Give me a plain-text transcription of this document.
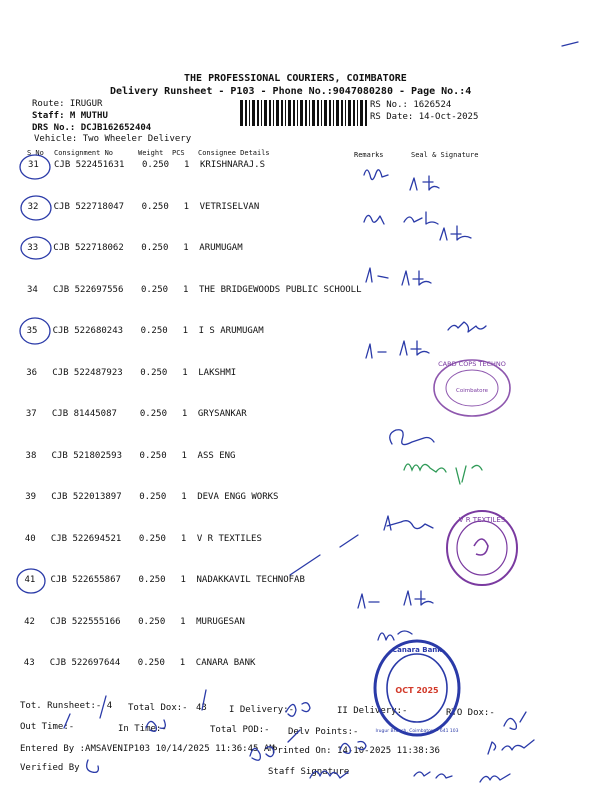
THE PROFESSIONAL COURIERS, COIMBATORE
Delivery Runsheet - P103 - Phone No.:9047080280 - Page No.:4
Route: IRUGUR
Staff: M MUTHU
DRS No.: DCJB162652404
Vehicle: Two Wheeler Delivery
RS No.: 1626524
RS Date: 14-Oct-2025
S No Consignment No	Weight PCS Consignee Details	Remarks	Seal & Signature
31 CJB 522451631 0.250 1 KRISHNARAJ.S
32 CJB 522718047 0.250 1 VETRISELVAN
33 CJB 522718062 0.250 1 ARUMUGAM
34 CJB 522697556 0.250 1 THE BRIDGEWOODS PUBLIC SCHOOLL
35 CJB 522680243 0.250 1 I S ARUMUGAM
36 CJB 522487923 0.250 1 LAKSHMI
37 CJB 81445087	0.250 1 GRYSANKAR
38 CJB 521802593 0.250 1 ASS ENG
39 CJB 522013897 0.250 1 DEVA ENGG WORKS
40 CJB 522694521 0.250 1 V R TEXTILES
41 CJB 522655867 0.250 1 NADAKKAVIL TECHNOFAB
42 CJB 522555166 0.250 1 MURUGESAN
43 CJB 522697644 0.250 1 CANARA BANK
Tot. Runsheet:- 4 Total Dox:- 43 I Delivery:-	II Delivery:-	RTO Dox:-
Out Time:-	In Time:-	Total POD:- Delv Points:-
Entered By :AMSAVENIP103 10/14/2025 11:36:45 AM
Printed On: 14-10-2025 11:38:36
Verified By	Staff Signature
V R TEXTILES
CARD COPS TECHNO
Coimbatore
Canara Bank
OCT 2025
Irugur Branch, Coimbatore - 641 103
